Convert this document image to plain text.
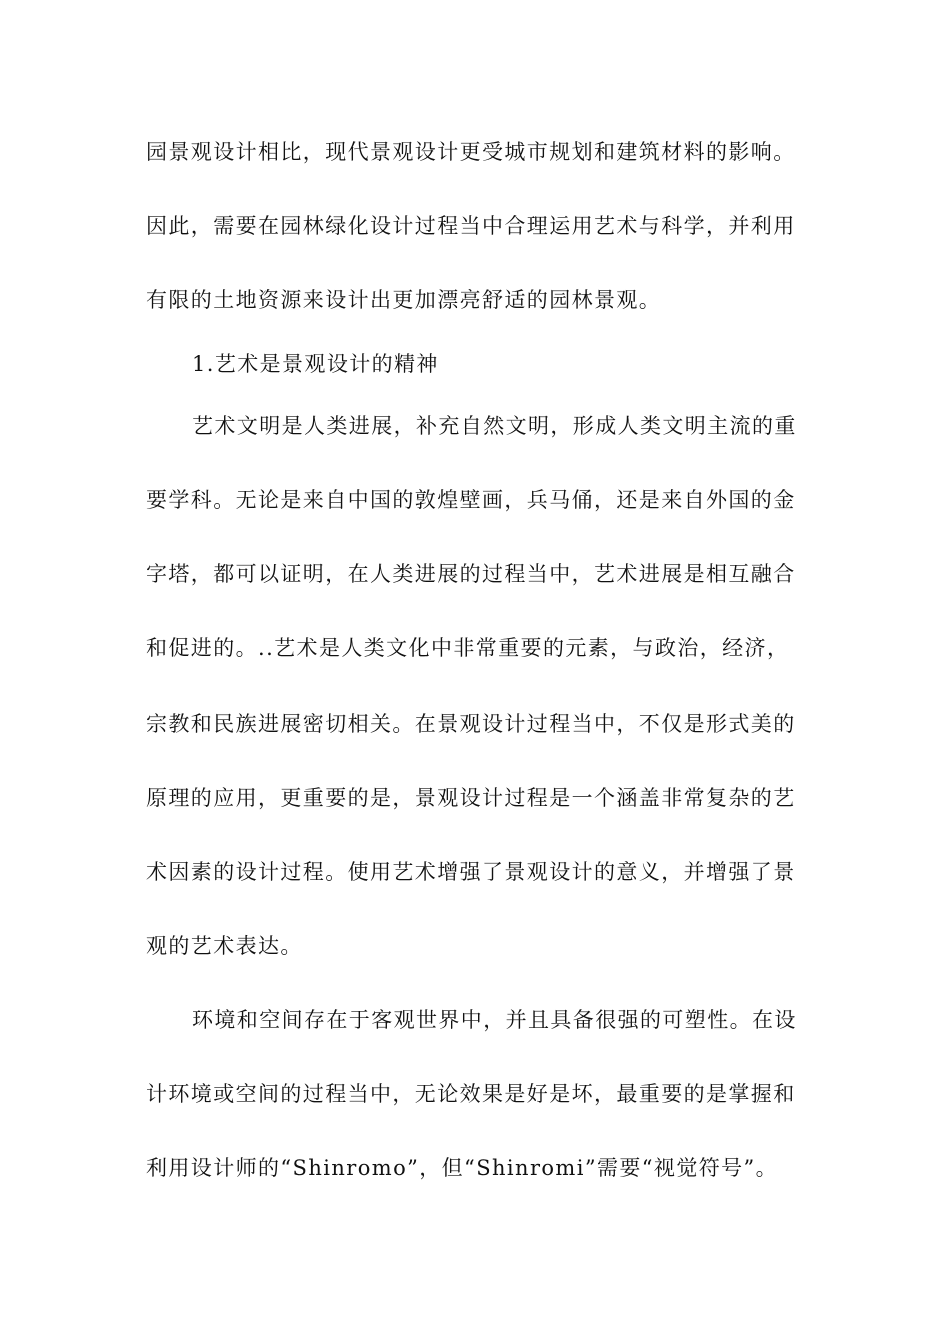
园景观设计相比，现代景观设计更受城市规划和建筑材料的影响。
因此，需要在园林绿化设计过程当中合理运用艺术与科学，并利用
有限的土地资源来设计出更加漂亮舒适的园林景观。
1.艺术是景观设计的精神
艺术文明是人类进展，补充自然文明，形成人类文明主流的重
要学科。无论是来自中国的敦煌壁画，兵马俑，还是来自外国的金
字塔，都可以证明，在人类进展的过程当中，艺术进展是相互融合
和促进的。..艺术是人类文化中非常重要的元素，与政治，经济，
宗教和民族进展密切相关。在景观设计过程当中，不仅是形式美的
原理的应用，更重要的是，景观设计过程是一个涵盖非常复杂的艺
术因素的设计过程。使用艺术增强了景观设计的意义，并增强了景
观的艺术表达。
环境和空间存在于客观世界中，并且具备很强的可塑性。在设
计环境或空间的过程当中，无论效果是好是坏，最重要的是掌握和
利用设计师的“Shinromo”，但“Shinromi”需要“视觉符号”。
